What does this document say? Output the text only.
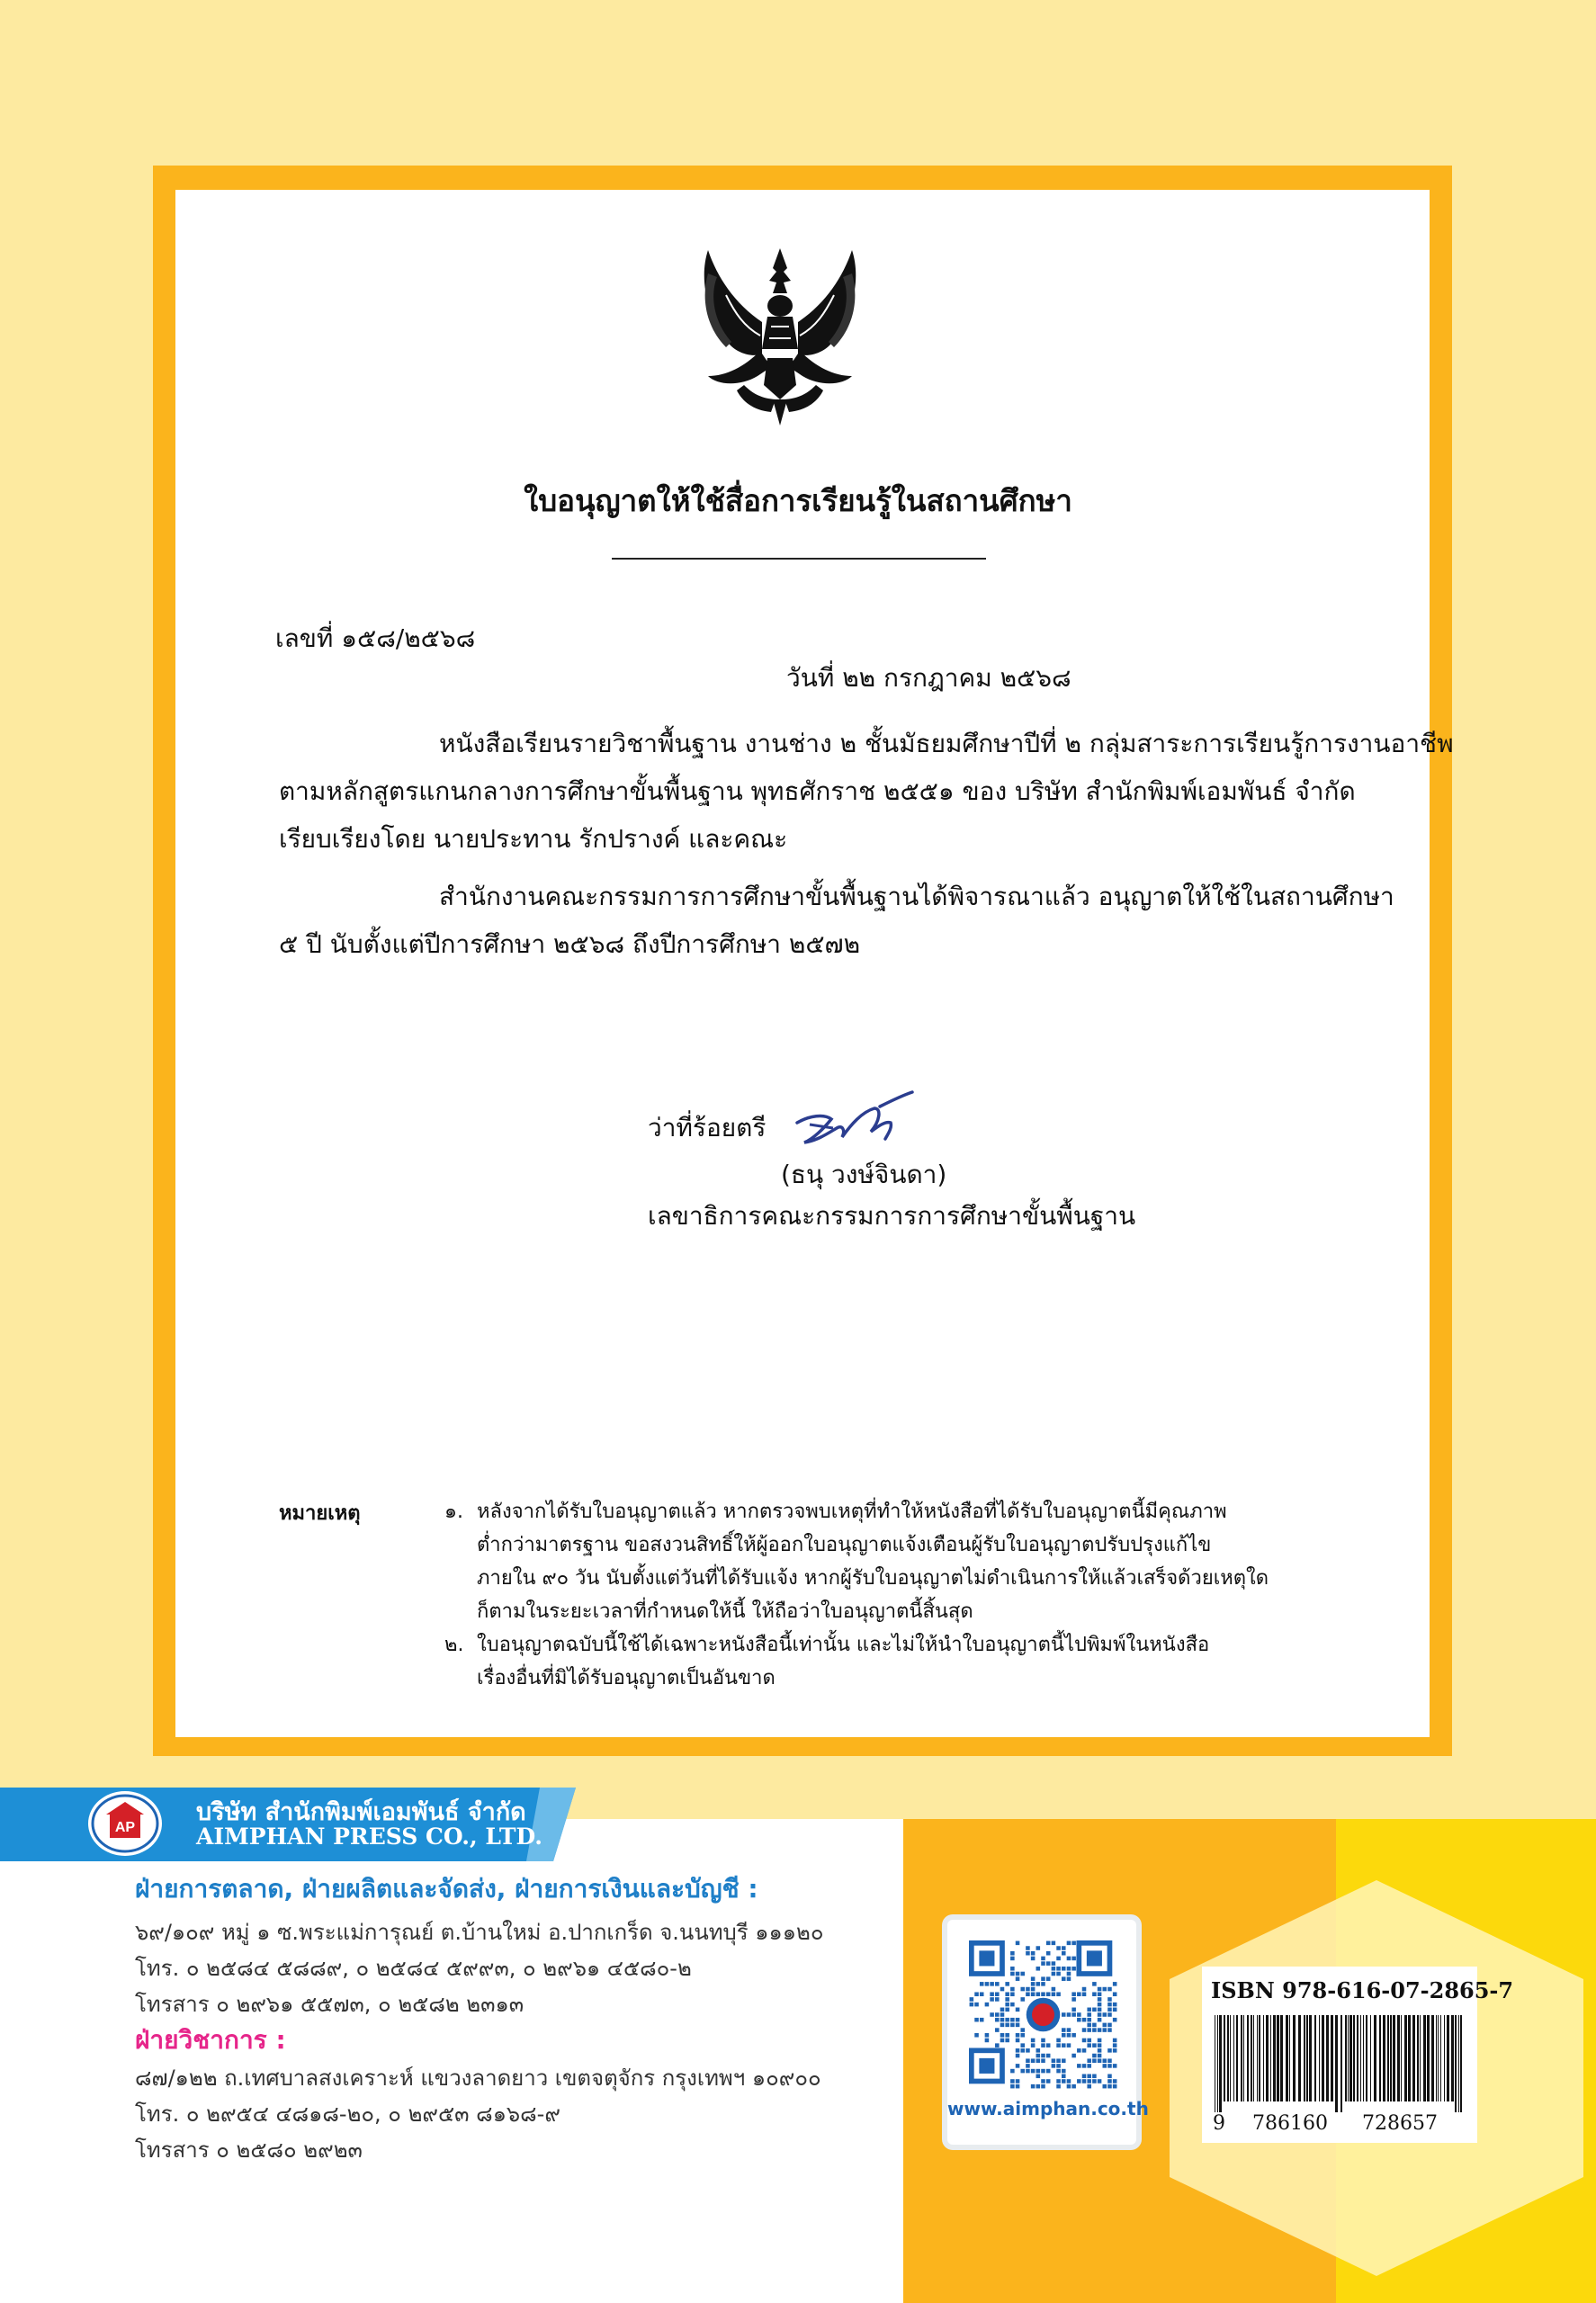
ใบอนุญาตให้ใช้สื่อการเรียนรู้ในสถานศึกษา
เลขที่ ๑๕๘/๒๕๖๘
วันที่ ๒๒ กรกฎาคม ๒๕๖๘
หนังสือเรียนรายวิชาพื้นฐาน งานช่าง ๒ ชั้นมัธยมศึกษาปีที่ ๒ กลุ่มสาระการเรียนรู้การงานอาชีพ
ตามหลักสูตรแกนกลางการศึกษาขั้นพื้นฐาน พุทธศักราช ๒๕๕๑ ของ บริษัท สำนักพิมพ์เอมพันธ์ จำกัด
เรียบเรียงโดย นายประทาน รักปรางค์ และคณะ
สำนักงานคณะกรรมการการศึกษาขั้นพื้นฐานได้พิจารณาแล้ว อนุญาตให้ใช้ในสถานศึกษา
๕ ปี นับตั้งแต่ปีการศึกษา ๒๕๖๘ ถึงปีการศึกษา ๒๕๗๒
ว่าที่ร้อยตรี
(ธนุ วงษ์จินดา)
เลขาธิการคณะกรรมการการศึกษาขั้นพื้นฐาน
หมายเหตุ	๑. หลังจากได้รับใบอนุญาตแล้ว หากตรวจพบเหตุที่ทำให้หนังสือที่ได้รับใบอนุญาตนี้มีคุณภาพ
ต่ำกว่ามาตรฐาน ขอสงวนสิทธิ์ให้ผู้ออกใบอนุญาตแจ้งเตือนผู้รับใบอนุญาตปรับปรุงแก้ไข
ภายใน ๙๐ วัน นับตั้งแต่วันที่ได้รับแจ้ง หากผู้รับใบอนุญาตไม่ดำเนินการให้แล้วเสร็จด้วยเหตุใด
ก็ตามในระยะเวลาที่กำหนดให้นี้ ให้ถือว่าใบอนุญาตนี้สิ้นสุด
๒. ใบอนุญาตฉบับนี้ใช้ได้เฉพาะหนังสือนี้เท่านั้น และไม่ให้นำใบอนุญาตนี้ไปพิมพ์ในหนังสือ
เรื่องอื่นที่มิได้รับอนุญาตเป็นอันขาด
AP
บริษัท สำนักพิมพ์เอมพันธ์ จำกัด
AIMPHAN PRESS CO., LTD.
ฝ่ายการตลาด, ฝ่ายผลิตและจัดส่ง, ฝ่ายการเงินและบัญชี :
๖๙/๑๐๙ หมู่ ๑ ซ.พระแม่การุณย์ ต.บ้านใหม่ อ.ปากเกร็ด จ.นนทบุรี ๑๑๑๒๐
โทร. ๐ ๒๕๘๔ ๕๘๘๙, ๐ ๒๕๘๔ ๕๙๙๓, ๐ ๒๙๖๑ ๔๕๘๐-๒
โทรสาร ๐ ๒๙๖๑ ๕๕๗๓, ๐ ๒๕๘๒ ๒๓๑๓
ฝ่ายวิชาการ :
๘๗/๑๒๒ ถ.เทศบาลสงเคราะห์ แขวงลาดยาว เขตจตุจักร กรุงเทพฯ ๑๐๙๐๐
โทร. ๐ ๒๙๕๔ ๔๘๑๘-๒๐, ๐ ๒๙๕๓ ๘๑๖๘-๙
โทรสาร ๐ ๒๕๘๐ ๒๙๒๓
www.aimphan.co.th
ISBN 978-616-07-2865-7
9 786160 728657
